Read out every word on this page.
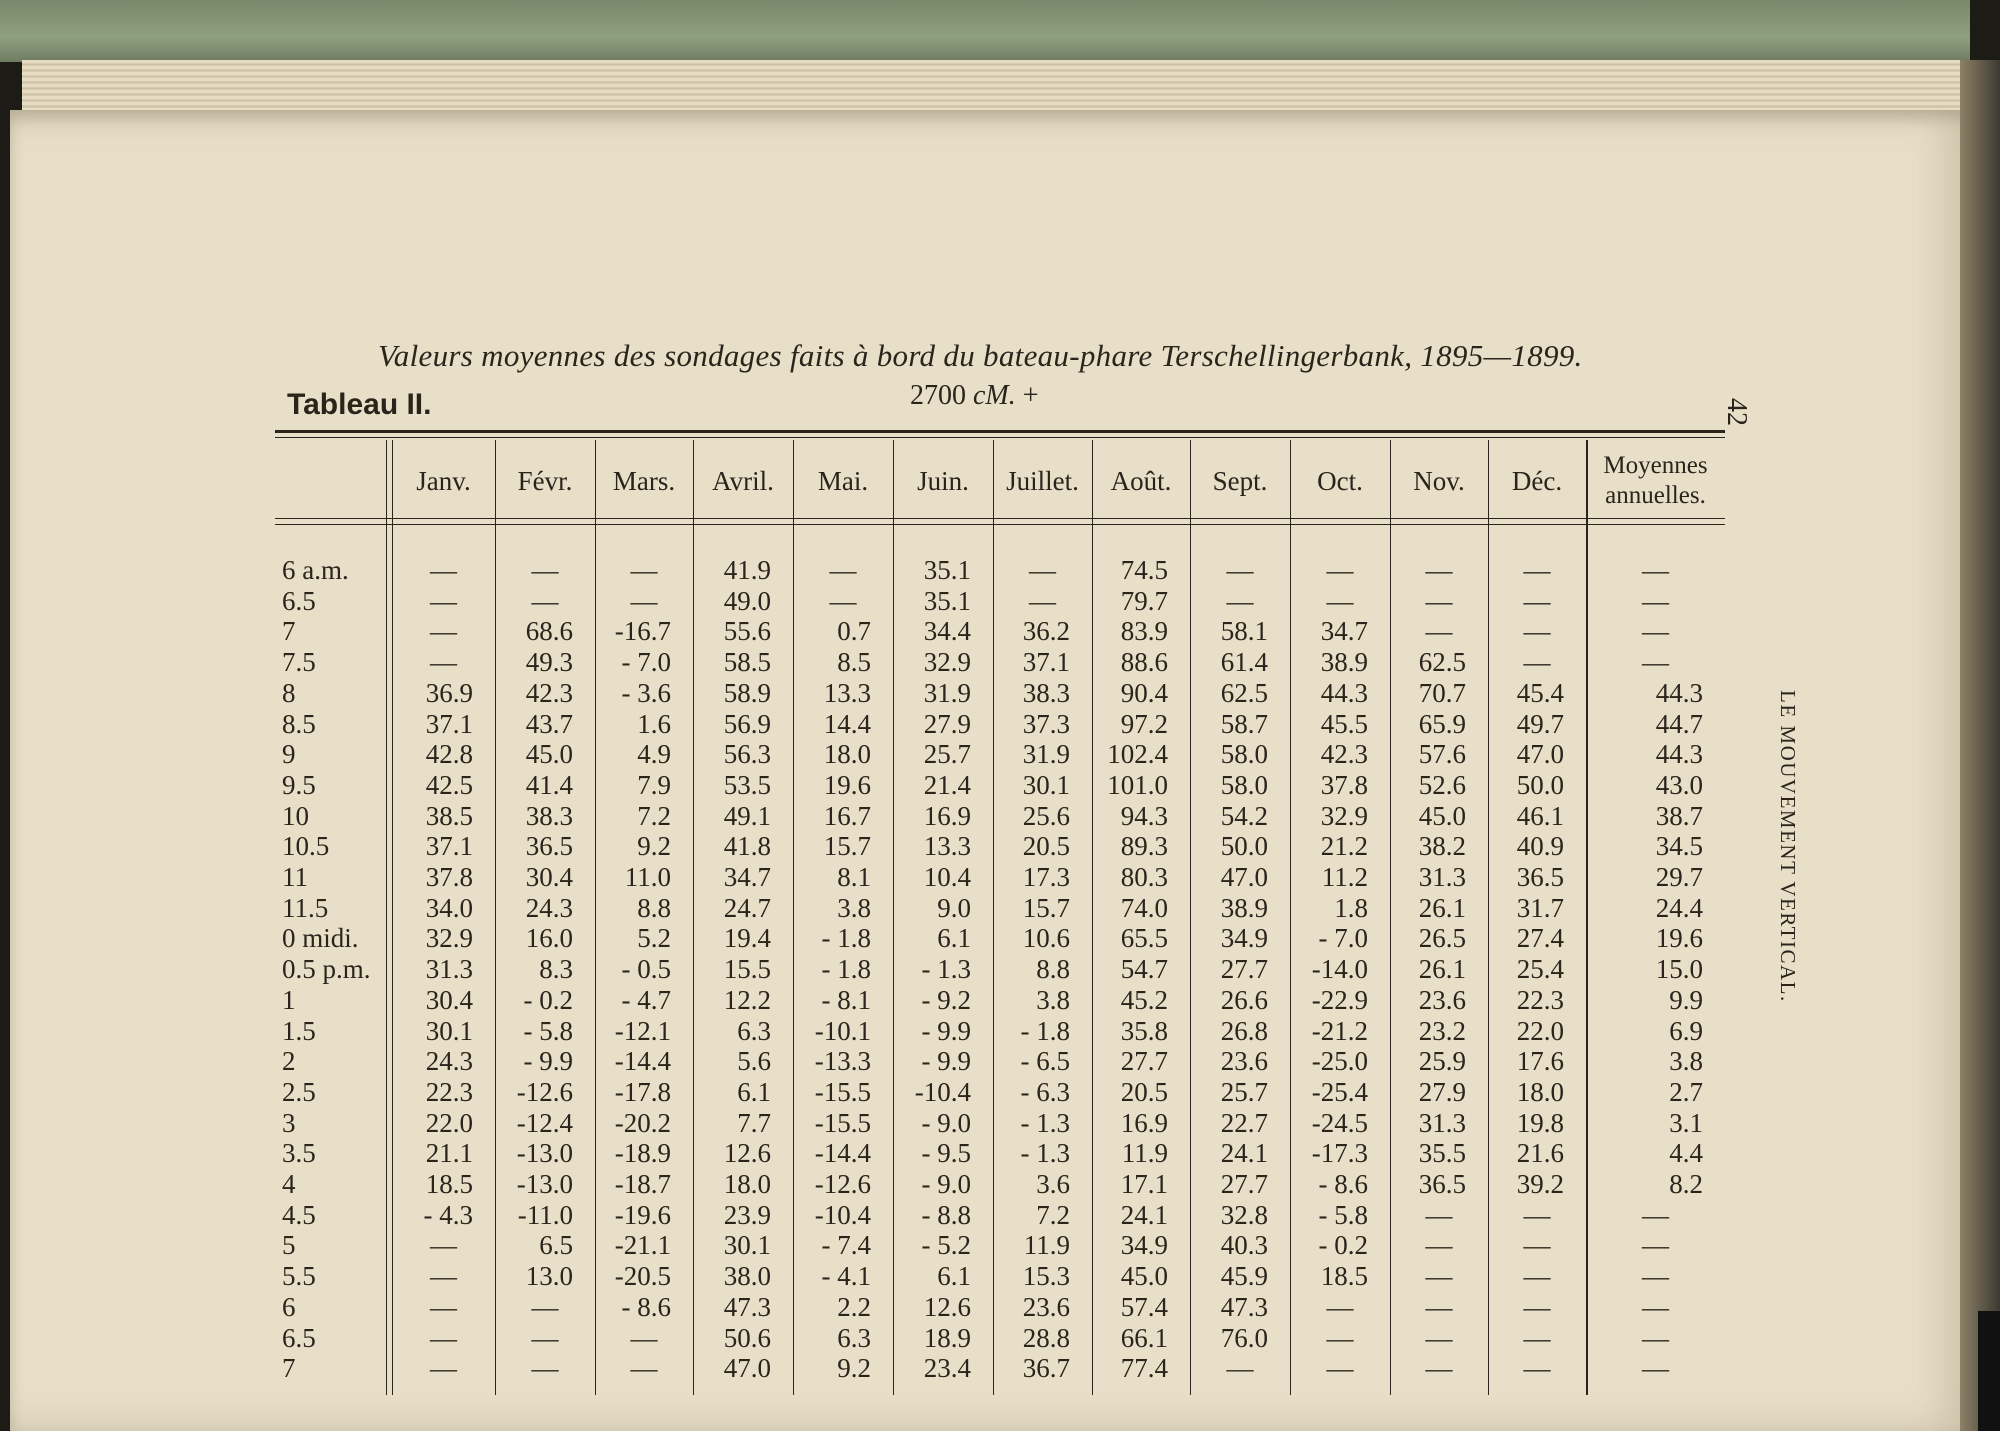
Valeurs moyennes des sondages faits à bord du bateau-phare Terschellingerbank, 1895—1899.
Tableau II.	2700 cM. +
42
LE MOUVEMENT VERTICAL.
Janv.	Févr.	Mars.	Avril.	Mai.	Juin.	Juillet.	Août.	Sept.	Oct.	Nov.	Déc.	Moyennes
annuelles.
6 a.m.	—	—	—	41.9	—	35.1	—	74.5	—	—	—	—	—
6.5	—	—	—	49.0	—	35.1	—	79.7	—	—	—	—	—
7	—	68.6	-16.7	55.6	0.7	34.4	36.2	83.9	58.1	34.7	—	—	—
7.5	—	49.3	- 7.0	58.5	8.5	32.9	37.1	88.6	61.4	38.9	62.5	—	—
8	36.9	42.3	- 3.6	58.9	13.3	31.9	38.3	90.4	62.5	44.3	70.7	45.4	44.3
8.5	37.1	43.7	1.6	56.9	14.4	27.9	37.3	97.2	58.7	45.5	65.9	49.7	44.7
9	42.8	45.0	4.9	56.3	18.0	25.7	31.9	102.4	58.0	42.3	57.6	47.0	44.3
9.5	42.5	41.4	7.9	53.5	19.6	21.4	30.1	101.0	58.0	37.8	52.6	50.0	43.0
10	38.5	38.3	7.2	49.1	16.7	16.9	25.6	94.3	54.2	32.9	45.0	46.1	38.7
10.5	37.1	36.5	9.2	41.8	15.7	13.3	20.5	89.3	50.0	21.2	38.2	40.9	34.5
11	37.8	30.4	11.0	34.7	8.1	10.4	17.3	80.3	47.0	11.2	31.3	36.5	29.7
11.5	34.0	24.3	8.8	24.7	3.8	9.0	15.7	74.0	38.9	1.8	26.1	31.7	24.4
0 midi.	32.9	16.0	5.2	19.4	- 1.8	6.1	10.6	65.5	34.9	- 7.0	26.5	27.4	19.6
0.5 p.m.	31.3	8.3	- 0.5	15.5	- 1.8	- 1.3	8.8	54.7	27.7	-14.0	26.1	25.4	15.0
1	30.4	- 0.2	- 4.7	12.2	- 8.1	- 9.2	3.8	45.2	26.6	-22.9	23.6	22.3	9.9
1.5	30.1	- 5.8	-12.1	6.3	-10.1	- 9.9	- 1.8	35.8	26.8	-21.2	23.2	22.0	6.9
2	24.3	- 9.9	-14.4	5.6	-13.3	- 9.9	- 6.5	27.7	23.6	-25.0	25.9	17.6	3.8
2.5	22.3	-12.6	-17.8	6.1	-15.5	-10.4	- 6.3	20.5	25.7	-25.4	27.9	18.0	2.7
3	22.0	-12.4	-20.2	7.7	-15.5	- 9.0	- 1.3	16.9	22.7	-24.5	31.3	19.8	3.1
3.5	21.1	-13.0	-18.9	12.6	-14.4	- 9.5	- 1.3	11.9	24.1	-17.3	35.5	21.6	4.4
4	18.5	-13.0	-18.7	18.0	-12.6	- 9.0	3.6	17.1	27.7	- 8.6	36.5	39.2	8.2
4.5	- 4.3	-11.0	-19.6	23.9	-10.4	- 8.8	7.2	24.1	32.8	- 5.8	—	—	—
5	—	6.5	-21.1	30.1	- 7.4	- 5.2	11.9	34.9	40.3	- 0.2	—	—	—
5.5	—	13.0	-20.5	38.0	- 4.1	6.1	15.3	45.0	45.9	18.5	—	—	—
6	—	—	- 8.6	47.3	2.2	12.6	23.6	57.4	47.3	—	—	—	—
6.5	—	—	—	50.6	6.3	18.9	28.8	66.1	76.0	—	—	—	—
7	—	—	—	47.0	9.2	23.4	36.7	77.4	—	—	—	—	—
